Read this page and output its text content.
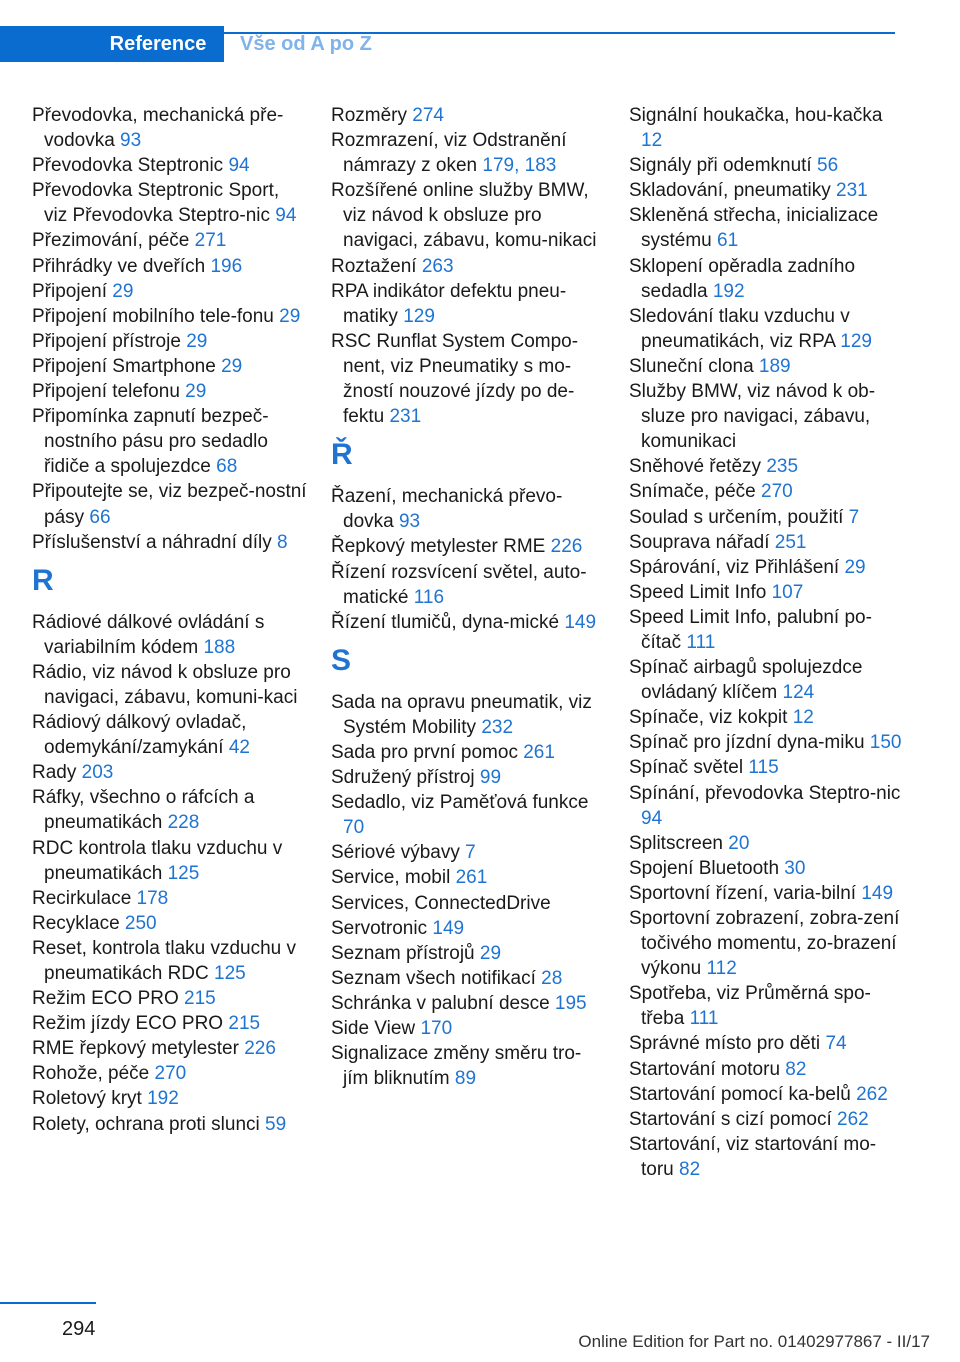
Reference	Vše od A po Z

Převodovka, mechanická pře-vodovka 93

Převodovka Steptronic 94

Převodovka Steptronic Sport, viz Převodovka Steptro-nic 94

Přezimování, péče 271

Přihrádky ve dveřích 196

Připojení 29

Připojení mobilního tele-fonu 29

Připojení přístroje 29

Připojení Smartphone 29

Připojení telefonu 29

Připomínka zapnutí bezpeč-nostního pásu pro sedadlo řidiče a spolujezdce 68

Připoutejte se, viz bezpeč-nostní pásy 66

Příslušenství a náhradní díly 8

R

Rádiové dálkové ovládání s variabilním kódem 188

Rádio, viz návod k obsluze pro navigaci, zábavu, komuni-kaci

Rádiový dálkový ovladač, odemykání/zamykání 42

Rady 203

Ráfky, všechno o ráfcích a pneumatikách 228

RDC kontrola tlaku vzduchu v pneumatikách 125

Recirkulace 178

Recyklace 250

Reset, kontrola tlaku vzduchu v pneumatikách RDC 125

Režim ECO PRO 215

Režim jízdy ECO PRO 215

RME řepkový metylester 226

Rohože, péče 270

Roletový kryt 192

Rolety, ochrana proti slunci 59

Rozměry 274

Rozmrazení, viz Odstranění námrazy z oken 179, 183

Rozšířené online služby BMW, viz návod k obsluze pro navigaci, zábavu, komu-nikaci

Roztažení 263

RPA indikátor defektu pneu-matiky 129

RSC Runflat System Compo-nent, viz Pneumatiky s mo-žností nouzové jízdy po de-fektu 231

Ř

Řazení, mechanická převo-dovka 93

Řepkový metylester RME 226

Řízení rozsvícení světel, auto-matické 116

Řízení tlumičů, dyna-mické 149

S

Sada na opravu pneumatik, viz Systém Mobility 232

Sada pro první pomoc 261

Sdružený přístroj 99

Sedadlo, viz Paměťová funkce 70

Sériové výbavy 7

Service, mobil 261

Services, ConnectedDrive

Servotronic 149

Seznam přístrojů 29

Seznam všech notifikací 28

Schránka v palubní desce 195

Side View 170

Signalizace změny směru tro-jím bliknutím 89

Signální houkačka, hou-kačka 12

Signály při odemknutí 56

Skladování, pneumatiky 231

Skleněná střecha, inicializace systému 61

Sklopení opěradla zadního sedadla 192

Sledování tlaku vzduchu v pneumatikách, viz RPA 129

Sluneční clona 189

Služby BMW, viz návod k ob-sluze pro navigaci, zábavu, komunikaci

Sněhové řetězy 235

Snímače, péče 270

Soulad s určením, použití 7

Souprava nářadí 251

Spárování, viz Přihlášení 29

Speed Limit Info 107

Speed Limit Info, palubní po-čítač 111

Spínač airbagů spolujezdce ovládaný klíčem 124

Spínače, viz kokpit 12

Spínač pro jízdní dyna-miku 150

Spínač světel 115

Spínání, převodovka Steptro-nic 94

Splitscreen 20

Spojení Bluetooth 30

Sportovní řízení, varia-bilní 149

Sportovní zobrazení, zobra-zení točivého momentu, zo-brazení výkonu 112

Spotřeba, viz Průměrná spo-třeba 111

Správné místo pro děti 74

Startování motoru 82

Startování pomocí ka-belů 262

Startování s cizí pomocí 262

Startování, viz startování mo-toru 82

294
Online Edition for Part no. 01402977867 - II/17
